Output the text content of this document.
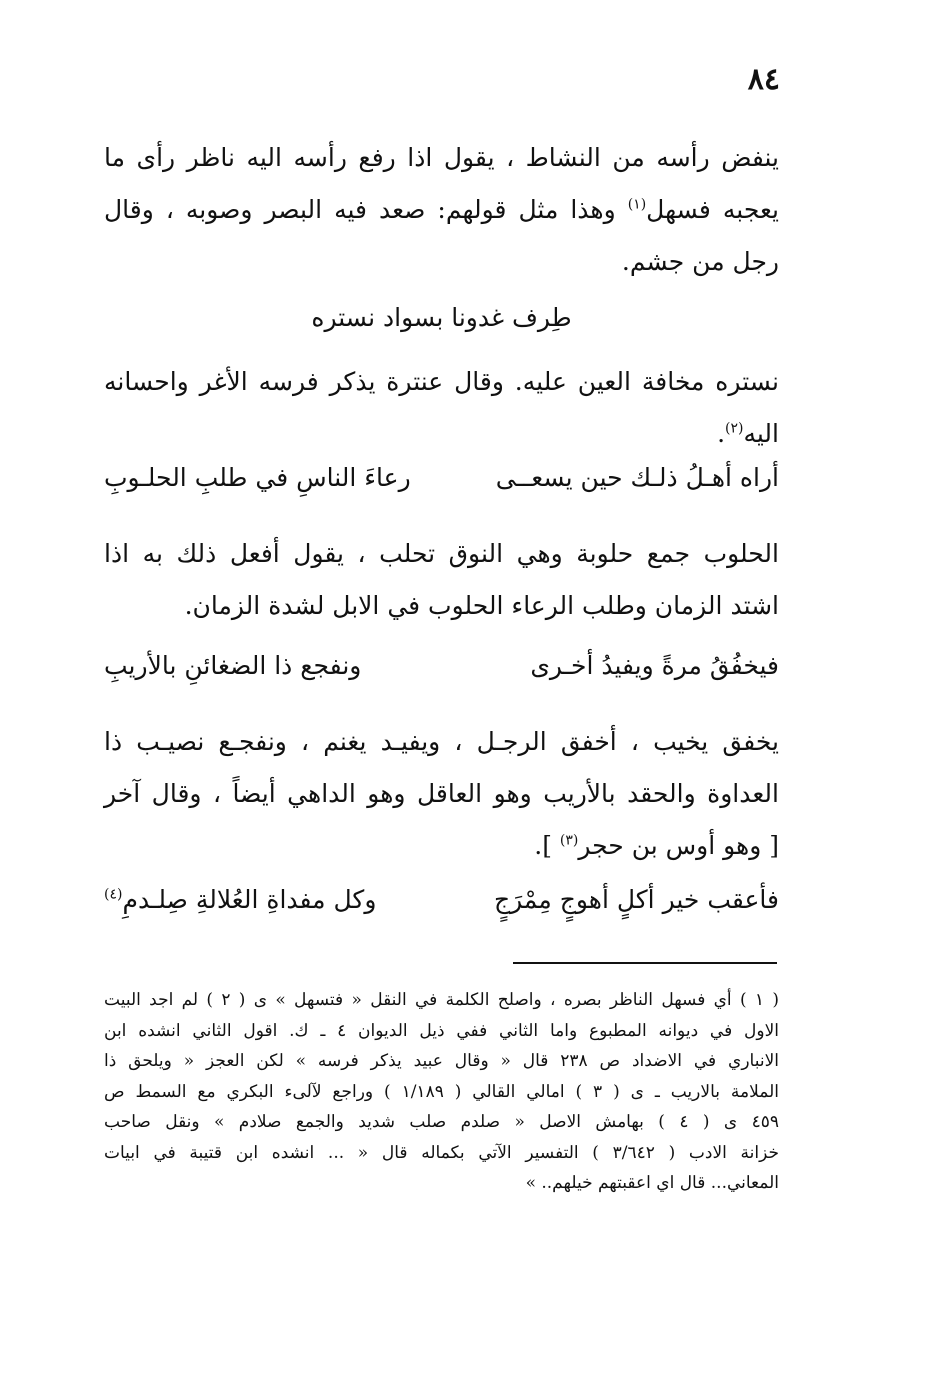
٨٤
ينفض رأسه من النشاط ، يقول اذا رفع رأسه اليه ناظر رأى ما
يعجبه فسهل$^{(١)}$ وهذا مثل قولهم: صعد فيه البصر وصوبه ، وقال
رجل من جشم.
طِرف غدونا بسواد نستره
نستره مخافة العين عليه. وقال عنترة يذكر فرسه الأغر واحسانه
اليه$^{(٢)}$.
أراه أهـلُ ذلـك حين يسعــى
رعاءَ الناسِ في طلبِ الحلـوبِ
الحلوب جمع حلوبة وهي النوق تحلب ، يقول أفعل ذلك به اذا
اشتد الزمان وطلب الرعاء الحلوب في الابل لشدة الزمان.
فيخفُقُ مرةً ويفيدُ أخـرى
ونفجع ذا الضغائنِ بالأريبِ
يخفق يخيب ، أخفق الرجـل ، ويفيـد يغنم ، ونفجـع نصيـب ذا
العداوة والحقد بالأريب وهو العاقل وهو الداهي أيضاً ، وقال آخر
[ وهو أوس بن حجر$^{(٣)}$ ].
فأعقب خير أكلٍ أهوجٍ مِمْرَجٍ
وكل مفداةِ العُلالةِ صِلـدمِ$^{(٤)}$
( ١ ) أي فسهل الناظر بصره ، واصلح الكلمة في النقل « فتسهل » ى ( ٢ ) لم اجد البيت
الاول في ديوانه المطبوع واما الثاني ففي ذيل الديوان ٤ ـ ك. اقول الثاني انشده ابن
الانباري في الاضداد ص ٢٣٨ قال « وقال عبيد يذكر فرسه » لكن العجز « ويلحق ذا
الملامة بالاريب ـ ى ( ٣ ) امالي القالي ( ١/١٨٩ ) وراجع لآلىء البكري مع السمط ص
٤٥٩ ى ( ٤ ) بهامش الاصل « صلدم صلب شديد والجمع صلادم » ونقل صاحب
خزانة الادب ( ٣/٦٤٢ ) التفسير الآتي بكماله قال « ... انشده ابن قتيبة في ابيات
المعاني... قال اي اعقبتهم خيلهم.. »
